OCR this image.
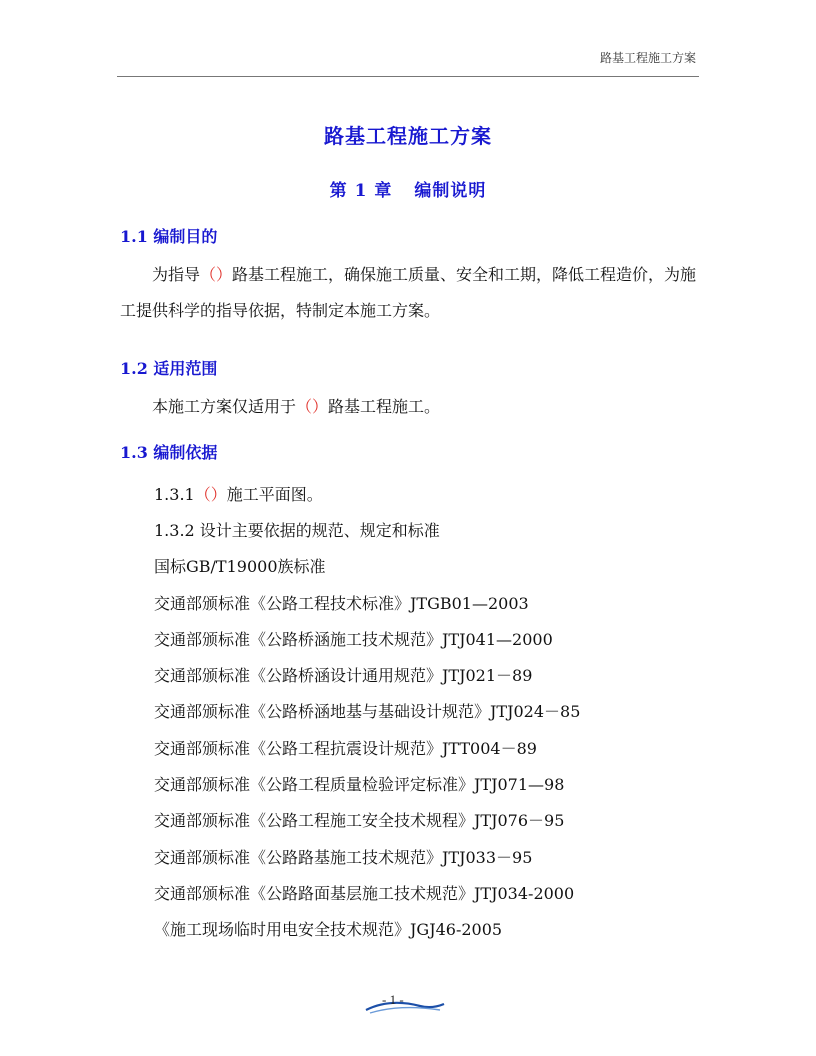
路基工程施工方案
路基工程施工方案
第 1 章 编制说明
1.1 编制目的
为指导（）路基工程施工，确保施工质量、安全和工期，降低工程造价，为施工提供科学的指导依据，特制定本施工方案。
1.2 适用范围
本施工方案仅适用于（）路基工程施工。
1.3 编制依据
1.3.1（）施工平面图。
1.3.2 设计主要依据的规范、规定和标准
国标GB/T19000族标准
交通部颁标准《公路工程技术标准》JTGB01—2003
交通部颁标准《公路桥涵施工技术规范》JTJ041—2000
交通部颁标准《公路桥涵设计通用规范》JTJ021－89
交通部颁标准《公路桥涵地基与基础设计规范》JTJ024－85
交通部颁标准《公路工程抗震设计规范》JTT004－89
交通部颁标准《公路工程质量检验评定标准》JTJ071—98
交通部颁标准《公路工程施工安全技术规程》JTJ076－95
交通部颁标准《公路路基施工技术规范》JTJ033－95
交通部颁标准《公路路面基层施工技术规范》JTJ034-2000
《施工现场临时用电安全技术规范》JGJ46-2005
- 1 -
